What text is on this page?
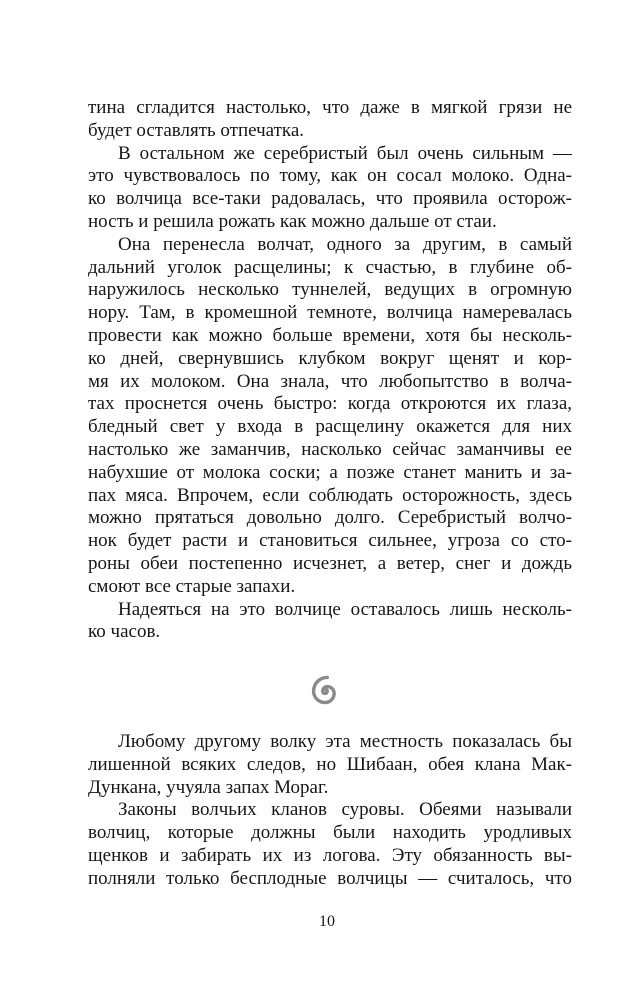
тина сгладится настолько, что даже в мягкой грязи не
будет оставлять отпечатка.

В остальном же серебристый был очень сильным —
это чувствовалось по тому, как он сосал молоко. Одна-
ко волчица все-таки радовалась, что проявила осторож-
ность и решила рожать как можно дальше от стаи.

Она перенесла волчат, одного за другим, в самый
дальний уголок расщелины; к счастью, в глубине об-
наружилось несколько туннелей, ведущих в огромную
нору. Там, в кромешной темноте, волчица намеревалась
провести как можно больше времени, хотя бы несколь-
ко дней, свернувшись клубком вокруг щенят и кор-
мя их молоком. Она знала, что любопытство в волча-
тах проснется очень быстро: когда откроются их глаза,
бледный свет у входа в расщелину окажется для них
настолько же заманчив, насколько сейчас заманчивы ее
набухшие от молока соски; а позже станет манить и за-
пах мяса. Впрочем, если соблюдать осторожность, здесь
можно прятаться довольно долго. Серебристый волчо-
нок будет расти и становиться сильнее, угроза со сто-
роны обеи постепенно исчезнет, а ветер, снег и дождь
смоют все старые запахи.

Надеяться на это волчице оставалось лишь несколь-
ко часов.

Любому другому волку эта местность показалась бы
лишенной всяких следов, но Шибаан, обея клана Мак-
Дункана, учуяла запах Мораг.

Законы волчьих кланов суровы. Обеями называли
волчиц, которые должны были находить уродливых
щенков и забирать их из логова. Эту обязанность вы-
полняли только бесплодные волчицы — считалось, что

10
